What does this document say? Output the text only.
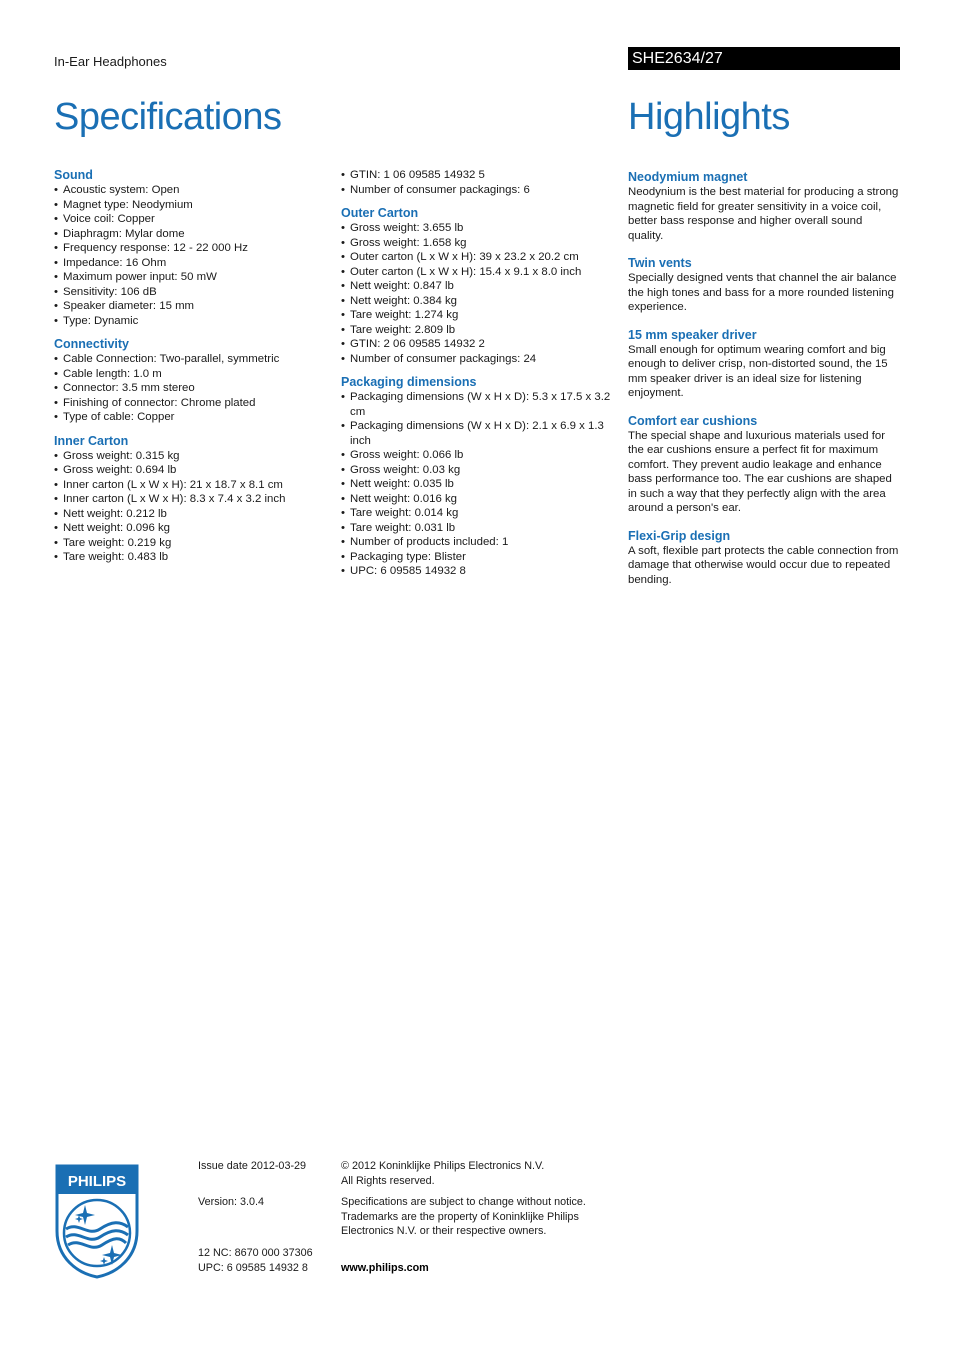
In-Ear Headphones	SHE2634/27
Specifications	Highlights
Sound
• Acoustic system: Open
• Magnet type: Neodymium
• Voice coil: Copper
• Diaphragm: Mylar dome
• Frequency response: 12 - 22 000 Hz
• Impedance: 16 Ohm
• Maximum power input: 50 mW
• Sensitivity: 106 dB
• Speaker diameter: 15 mm
• Type: Dynamic
Connectivity
• Cable Connection: Two-parallel, symmetric
• Cable length: 1.0 m
• Connector: 3.5 mm stereo
• Finishing of connector: Chrome plated
• Type of cable: Copper
Inner Carton
• Gross weight: 0.315 kg
• Gross weight: 0.694 lb
• Inner carton (L x W x H): 21 x 18.7 x 8.1 cm
• Inner carton (L x W x H): 8.3 x 7.4 x 3.2 inch
• Nett weight: 0.212 lb
• Nett weight: 0.096 kg
• Tare weight: 0.219 kg
• Tare weight: 0.483 lb
• GTIN: 1 06 09585 14932 5
• Number of consumer packagings: 6
Outer Carton
• Gross weight: 3.655 lb
• Gross weight: 1.658 kg
• Outer carton (L x W x H): 39 x 23.2 x 20.2 cm
• Outer carton (L x W x H): 15.4 x 9.1 x 8.0 inch
• Nett weight: 0.847 lb
• Nett weight: 0.384 kg
• Tare weight: 1.274 kg
• Tare weight: 2.809 lb
• GTIN: 2 06 09585 14932 2
• Number of consumer packagings: 24
Packaging dimensions
• Packaging dimensions (W x H x D): 5.3 x 17.5 x 3.2 cm
• Packaging dimensions (W x H x D): 2.1 x 6.9 x 1.3 inch
• Gross weight: 0.066 lb
• Gross weight: 0.03 kg
• Nett weight: 0.035 lb
• Nett weight: 0.016 kg
• Tare weight: 0.014 kg
• Tare weight: 0.031 lb
• Number of products included: 1
• Packaging type: Blister
• UPC: 6 09585 14932 8
Neodymium magnet

Neodynium is the best material for producing a strong magnetic field for greater sensitivity in a voice coil, better bass response and higher overall sound quality.

Twin vents

Specially designed vents that channel the air balance the high tones and bass for a more rounded listening experience.

15 mm speaker driver

Small enough for optimum wearing comfort and big enough to deliver crisp, non-distorted sound, the 15 mm speaker driver is an ideal size for listening enjoyment.

Comfort ear cushions

The special shape and luxurious materials used for the ear cushions ensure a perfect fit for maximum comfort. They prevent audio leakage and enhance bass performance too. The ear cushions are shaped in such a way that they perfectly align with the area around a person's ear.

Flexi-Grip design

A soft, flexible part protects the cable connection from damage that otherwise would occur due to repeated bending.

PHILIPS
Issue date 2012-03-29
Version: 3.0.4
12 NC: 8670 000 37306
UPC: 6 09585 14932 8
© 2012 Koninklijke Philips Electronics N.V.
All Rights reserved.
Specifications are subject to change without notice. Trademarks are the property of Koninklijke Philips Electronics N.V. or their respective owners.
www.philips.com
